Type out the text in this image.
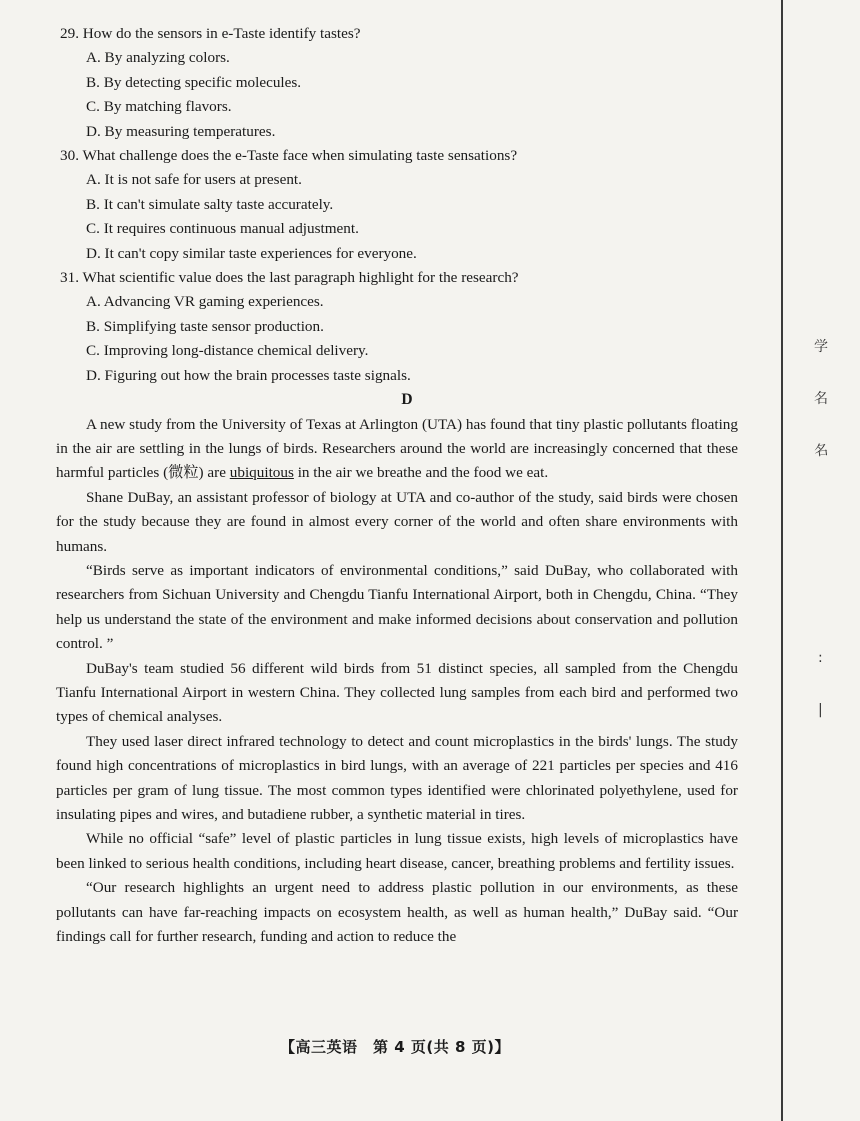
29. How do the sensors in e-Taste identify tastes?
A. By analyzing colors.
B. By detecting specific molecules.
C. By matching flavors.
D. By measuring temperatures.
30. What challenge does the e-Taste face when simulating taste sensations?
A. It is not safe for users at present.
B. It can't simulate salty taste accurately.
C. It requires continuous manual adjustment.
D. It can't copy similar taste experiences for everyone.
31. What scientific value does the last paragraph highlight for the research?
A. Advancing VR gaming experiences.
B. Simplifying taste sensor production.
C. Improving long-distance chemical delivery.
D. Figuring out how the brain processes taste signals.
D

A new study from the University of Texas at Arlington (UTA) has found that tiny plastic pollutants floating in the air are settling in the lungs of birds. Researchers around the world are increasingly concerned that these harmful particles (微粒) are ubiquitous in the air we breathe and the food we eat.

Shane DuBay, an assistant professor of biology at UTA and co-author of the study, said birds were chosen for the study because they are found in almost every corner of the world and often share environments with humans.

“Birds serve as important indicators of environmental conditions,” said DuBay, who collaborated with researchers from Sichuan University and Chengdu Tianfu International Airport, both in Chengdu, China. “They help us understand the state of the environment and make informed decisions about conservation and pollution control. ”

DuBay's team studied 56 different wild birds from 51 distinct species, all sampled from the Chengdu Tianfu International Airport in western China. They collected lung samples from each bird and performed two types of chemical analyses.

They used laser direct infrared technology to detect and count microplastics in the birds' lungs. The study found high concentrations of microplastics in bird lungs, with an average of 221 particles per species and 416 particles per gram of lung tissue. The most common types identified were chlorinated polyethylene, used for insulating pipes and wires, and butadiene rubber, a synthetic material in tires.

While no official “safe” level of plastic particles in lung tissue exists, high levels of microplastics have been linked to serious health conditions, including heart disease, cancer, breathing problems and fertility issues.

“Our research highlights an urgent need to address plastic pollution in our environments, as these pollutants can have far-reaching impacts on ecosystem health, as well as human health,” DuBay said. “Our findings call for further research, funding and action to reduce the

【高三英语　第 4 页(共 8 页)】
学
名
名
:
|
